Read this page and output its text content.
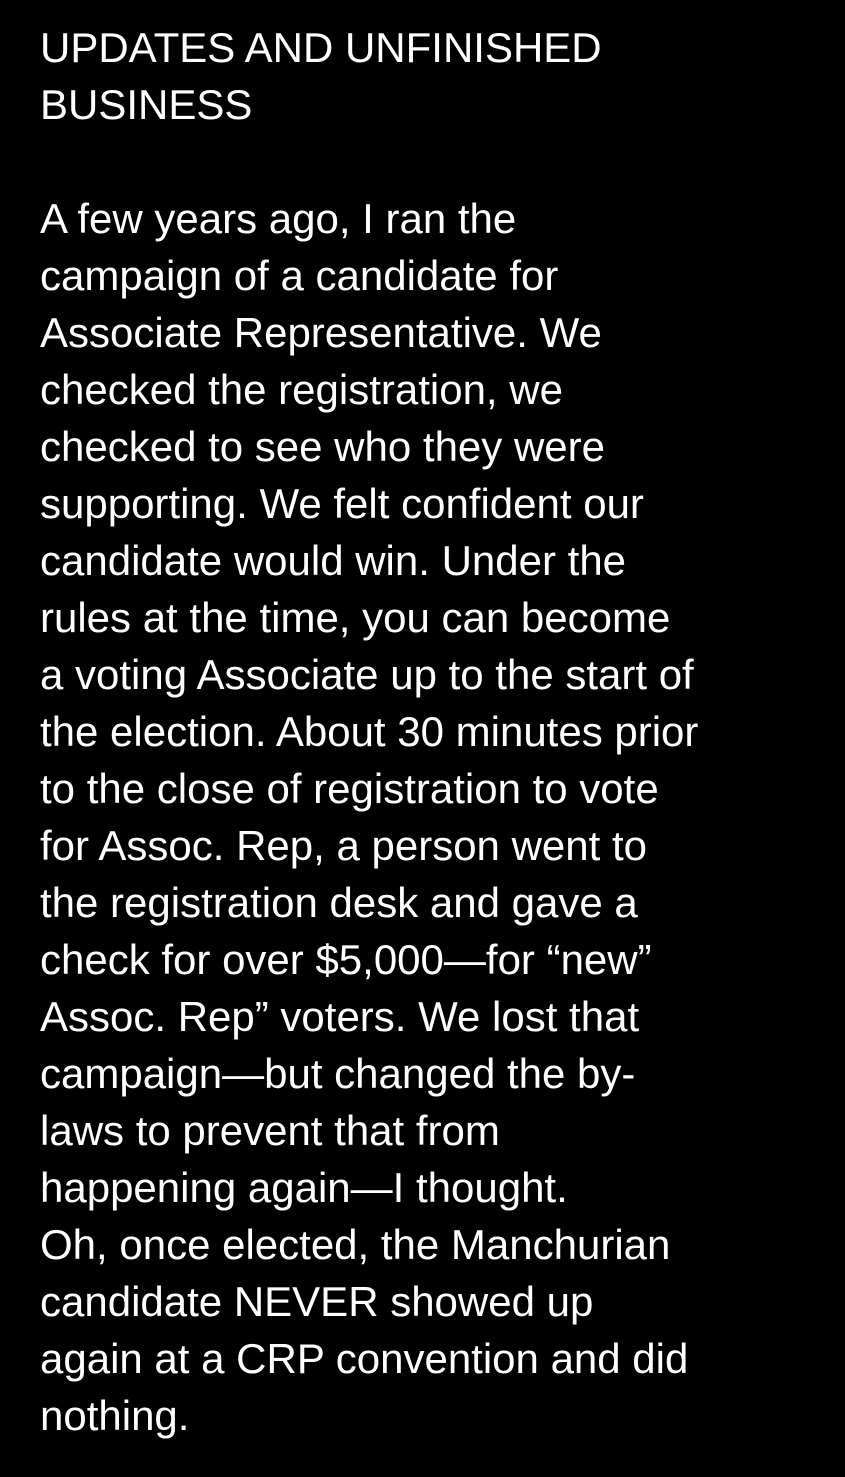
UPDATES AND UNFINISHED
BUSINESS
A few years ago, I ran the
campaign of a candidate for
Associate Representative. We
checked the registration, we
checked to see who they were
supporting. We felt confident our
candidate would win. Under the
rules at the time, you can become
a voting Associate up to the start of
the election. About 30 minutes prior
to the close of registration to vote
for Assoc. Rep, a person went to
the registration desk and gave a
check for over $5,000—for “new”
Assoc. Rep” voters. We lost that
campaign—but changed the by-
laws to prevent that from
happening again—I thought.
Oh, once elected, the Manchurian
candidate NEVER showed up
again at a CRP convention and did
nothing.
